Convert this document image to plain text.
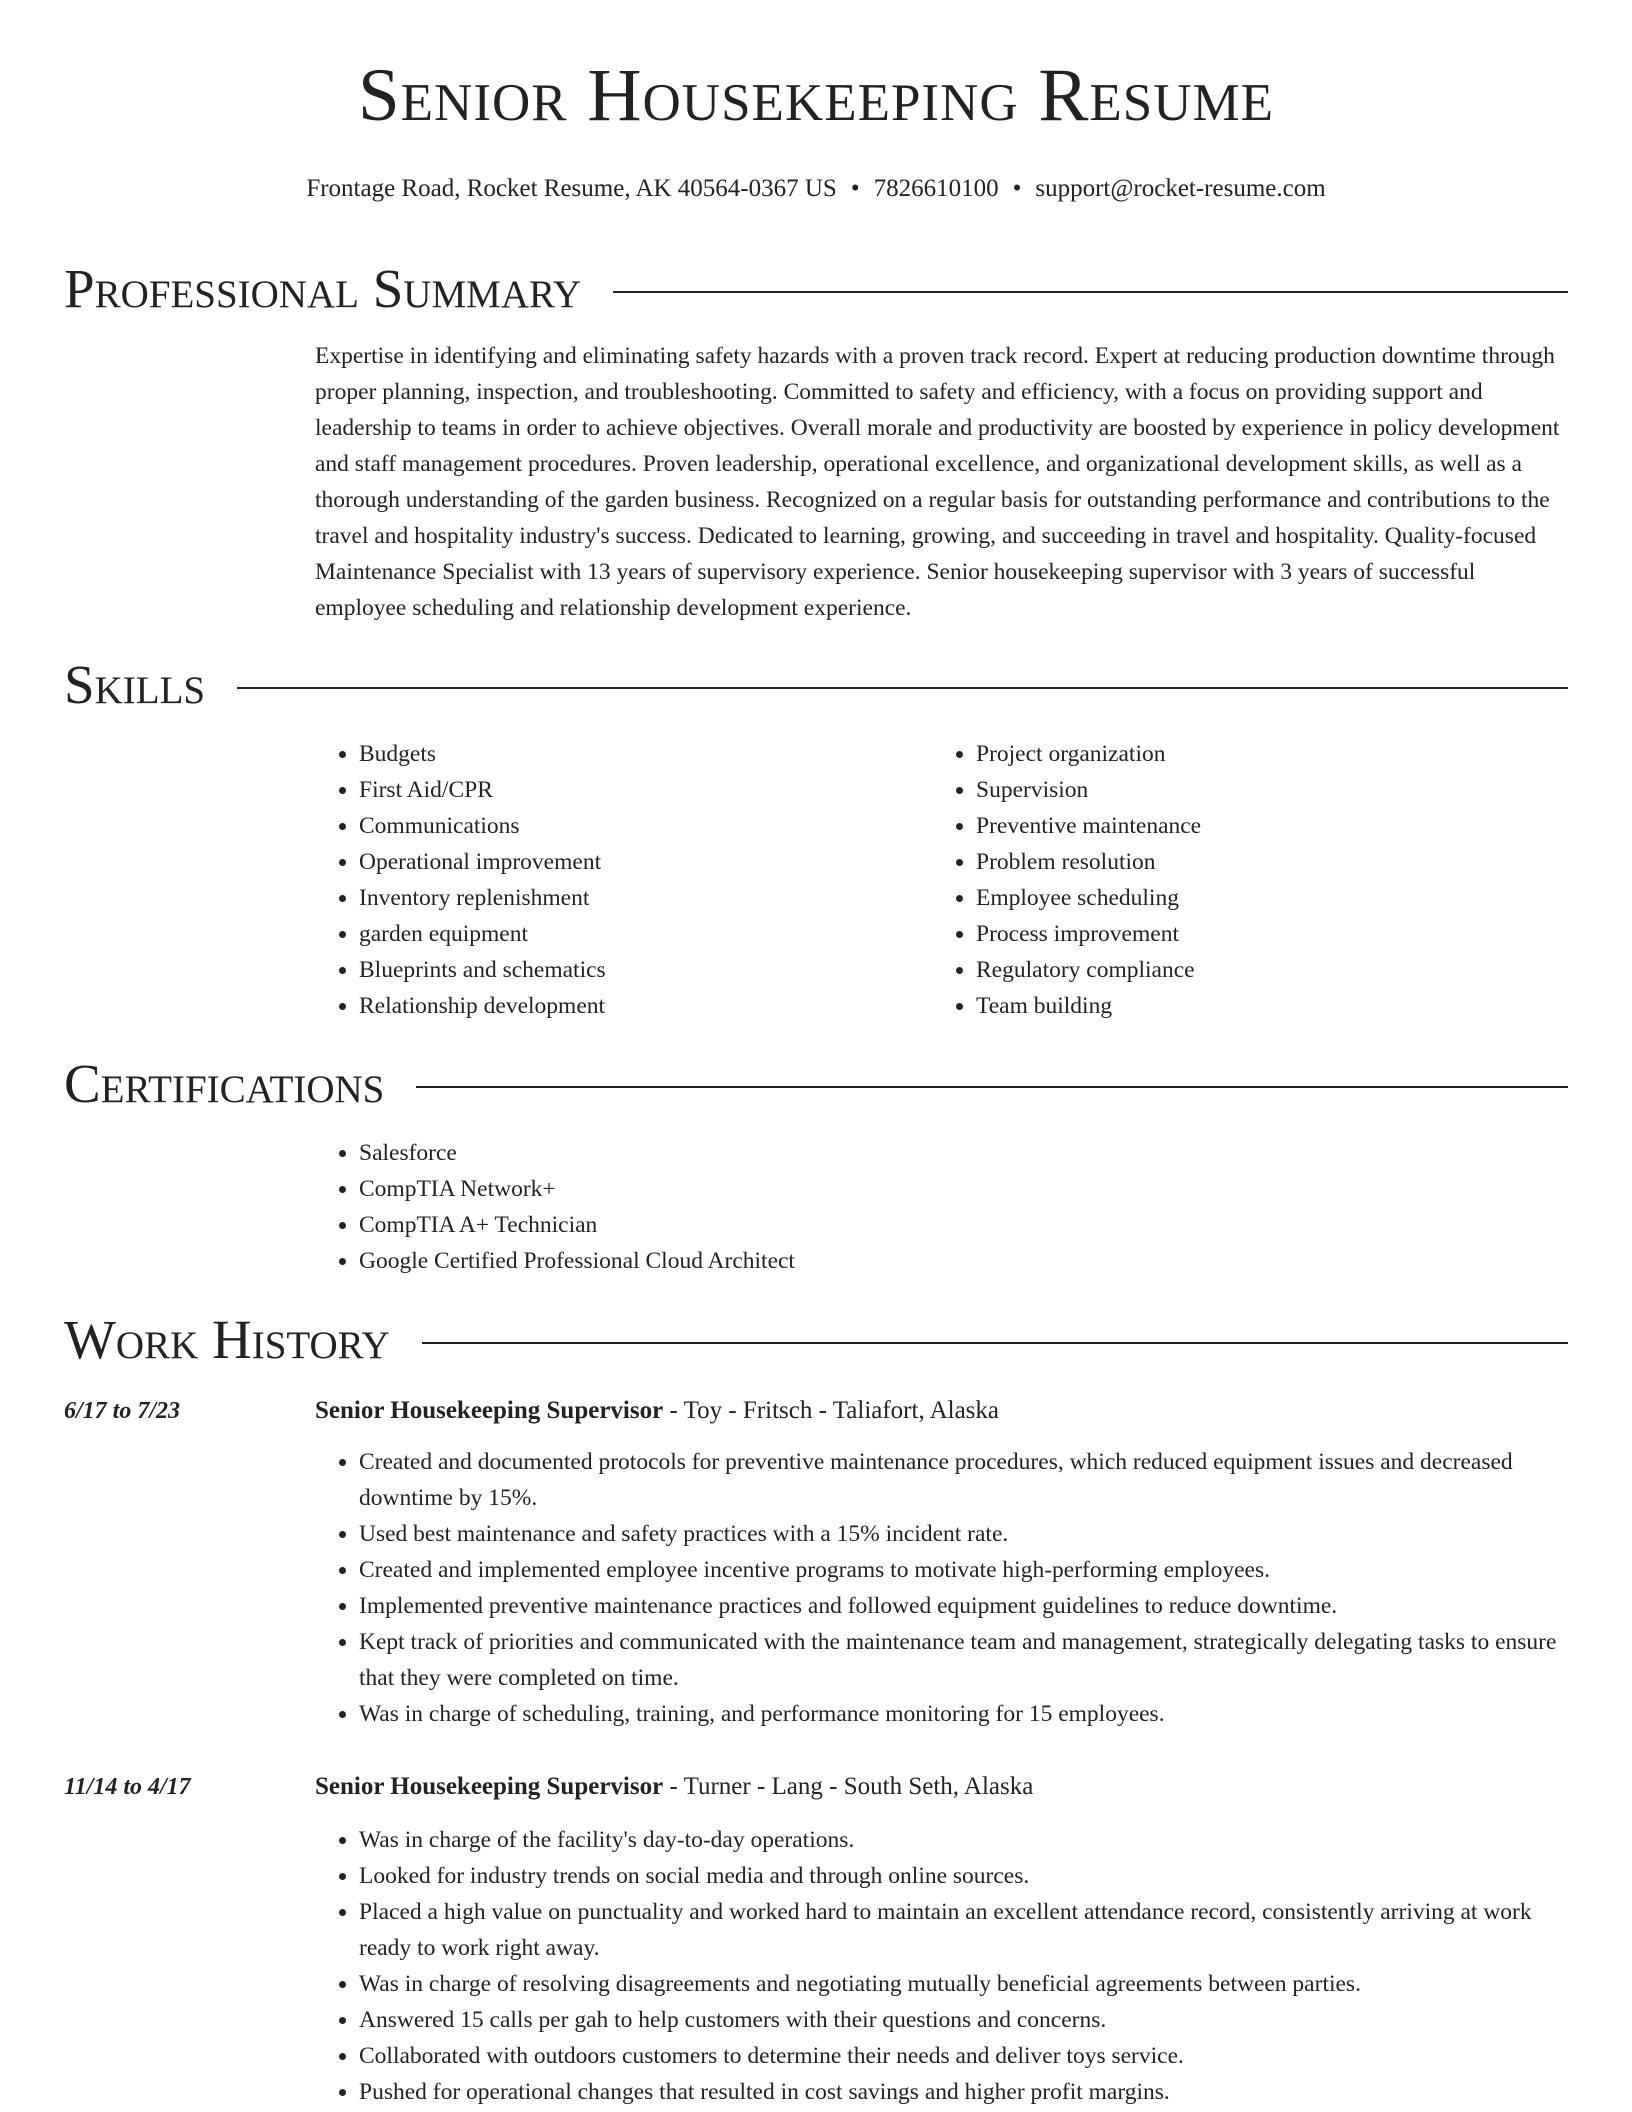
Senior Housekeeping Resume
Frontage Road, Rocket Resume, AK 40564-0367 US • 7826610100 • support@rocket-resume.com
Professional Summary

Expertise in identifying and eliminating safety hazards with a proven track record. Expert at reducing production downtime through proper planning, inspection, and troubleshooting. Committed to safety and efficiency, with a focus on providing support and leadership to teams in order to achieve objectives. Overall morale and productivity are boosted by experience in policy development and staff management procedures. Proven leadership, operational excellence, and organizational development skills, as well as a thorough understanding of the garden business. Recognized on a regular basis for outstanding performance and contributions to the travel and hospitality industry's success. Dedicated to learning, growing, and succeeding in travel and hospitality. Quality-focused Maintenance Specialist with 13 years of supervisory experience. Senior housekeeping supervisor with 3 years of successful employee scheduling and relationship development experience.

Skills
• Budgets
• First Aid/CPR
• Communications
• Operational improvement
• Inventory replenishment
• garden equipment
• Blueprints and schematics
• Relationship development
• Project organization
• Supervision
• Preventive maintenance
• Problem resolution
• Employee scheduling
• Process improvement
• Regulatory compliance
• Team building
Certifications
• Salesforce
• CompTIA Network+
• CompTIA A+ Technician
• Google Certified Professional Cloud Architect
Work History
6/17 to 7/23	Senior Housekeeping Supervisor - Toy - Fritsch - Taliafort, Alaska
• Created and documented protocols for preventive maintenance procedures, which reduced equipment issues and decreased downtime by 15%.
• Used best maintenance and safety practices with a 15% incident rate.
• Created and implemented employee incentive programs to motivate high-performing employees.
• Implemented preventive maintenance practices and followed equipment guidelines to reduce downtime.
• Kept track of priorities and communicated with the maintenance team and management, strategically delegating tasks to ensure that they were completed on time.
• Was in charge of scheduling, training, and performance monitoring for 15 employees.
11/14 to 4/17	Senior Housekeeping Supervisor - Turner - Lang - South Seth, Alaska
• Was in charge of the facility's day-to-day operations.
• Looked for industry trends on social media and through online sources.
• Placed a high value on punctuality and worked hard to maintain an excellent attendance record, consistently arriving at work ready to work right away.
• Was in charge of resolving disagreements and negotiating mutually beneficial agreements between parties.
• Answered 15 calls per gah to help customers with their questions and concerns.
• Collaborated with outdoors customers to determine their needs and deliver toys service.
• Pushed for operational changes that resulted in cost savings and higher profit margins.
